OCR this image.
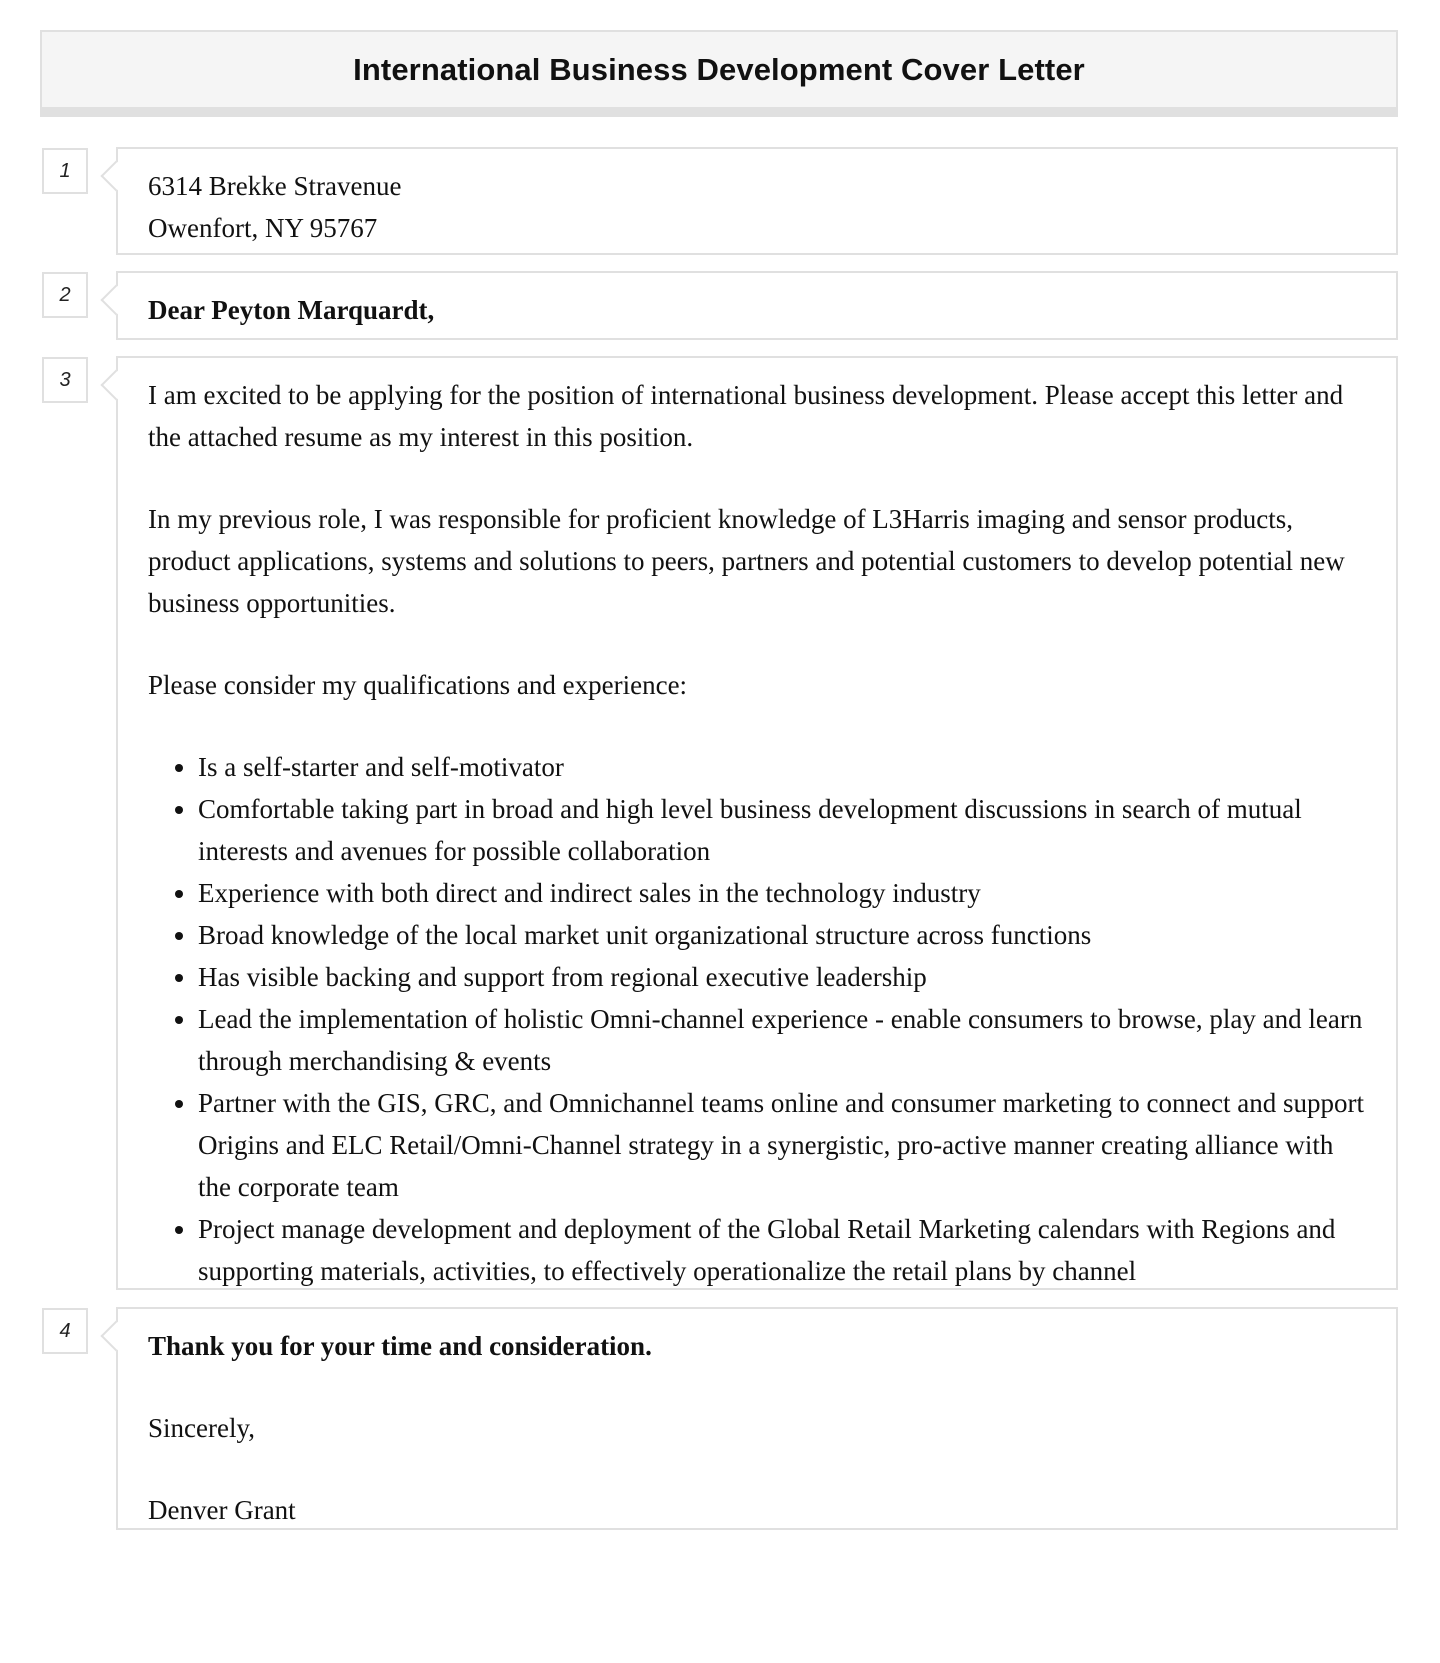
International Business Development Cover Letter
1
6314 Brekke Stravenue
Owenfort, NY 95767
2
Dear Peyton Marquardt,
3

I am excited to be applying for the position of international business development. Please accept this letter and the attached resume as my interest in this position.

In my previous role, I was responsible for proficient knowledge of L3Harris imaging and sensor products, product applications, systems and solutions to peers, partners and potential customers to develop potential new business opportunities.

Please consider my qualifications and experience:

• Is a self-starter and self-motivator
• Comfortable taking part in broad and high level business development discussions in search of mutual interests and avenues for possible collaboration
• Experience with both direct and indirect sales in the technology industry
• Broad knowledge of the local market unit organizational structure across functions
• Has visible backing and support from regional executive leadership
• Lead the implementation of holistic Omni-channel experience - enable consumers to browse, play and learn through merchandising & events
• Partner with the GIS, GRC, and Omnichannel teams online and consumer marketing to connect and support Origins and ELC Retail/Omni-Channel strategy in a synergistic, pro-active manner creating alliance with the corporate team
• Project manage development and deployment of the Global Retail Marketing calendars with Regions and supporting materials, activities, to effectively operationalize the retail plans by channel
4

Thank you for your time and consideration.

Sincerely,

Denver Grant
